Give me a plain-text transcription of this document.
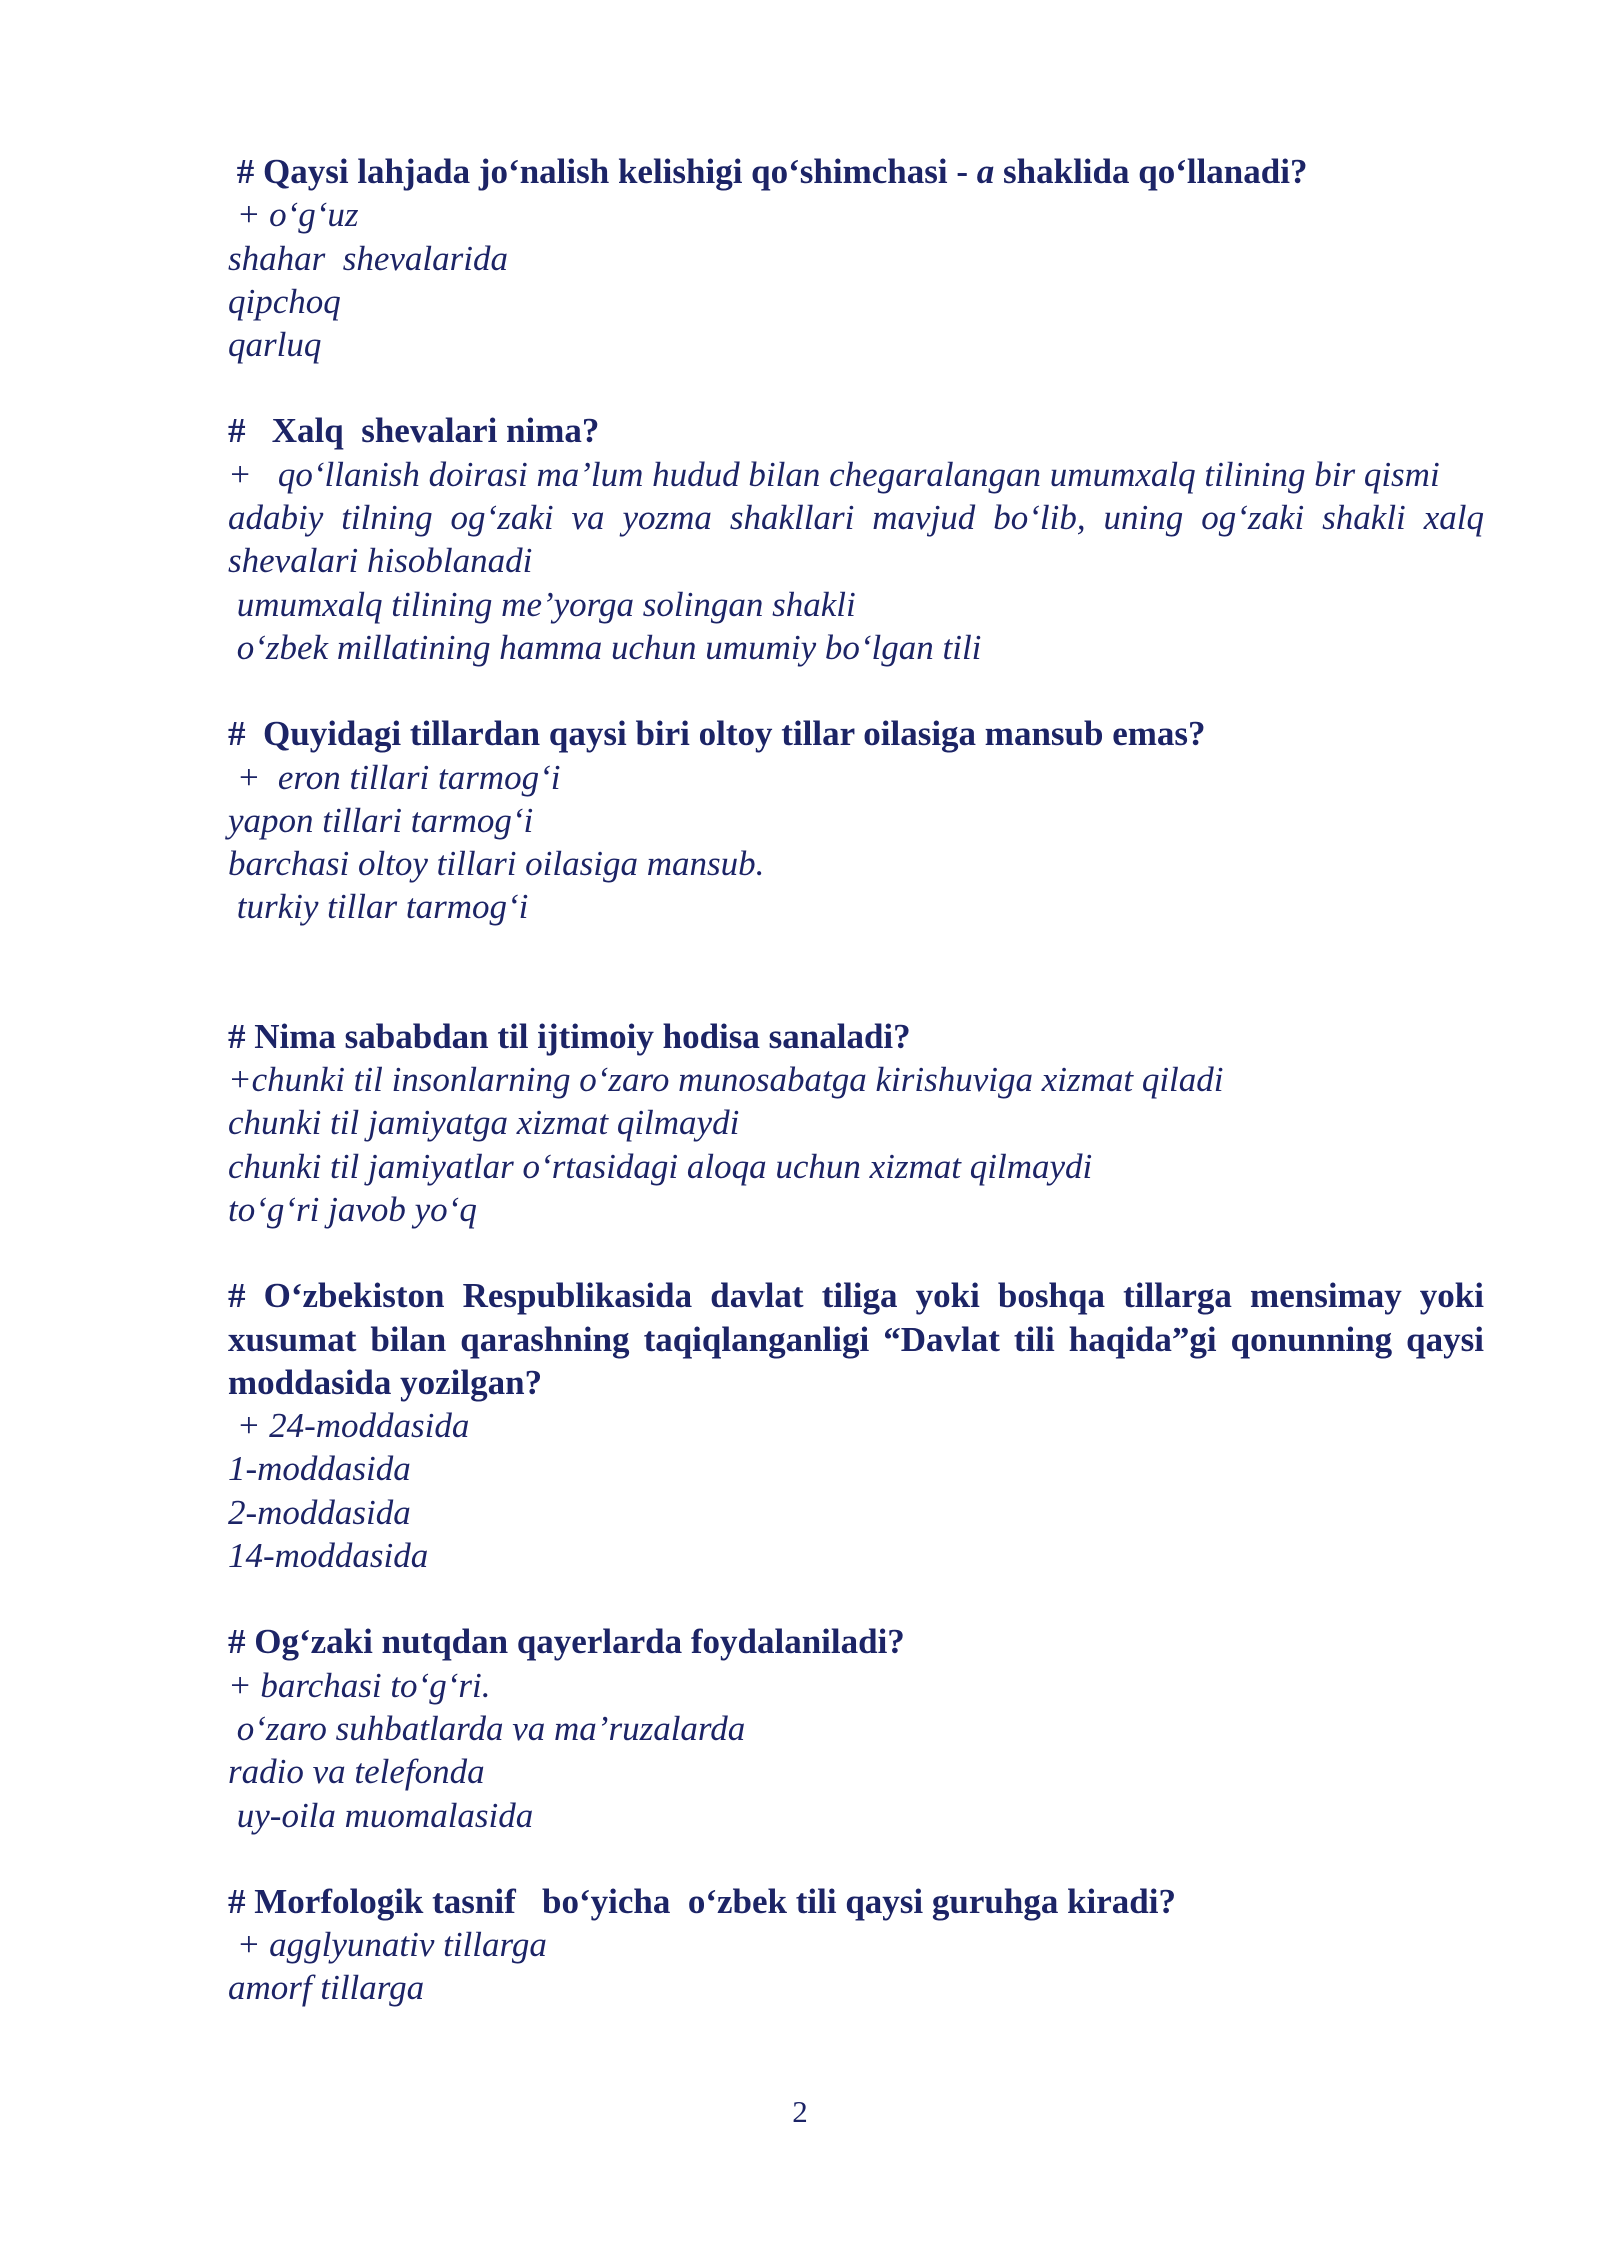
# Qaysi lahjada jo‘nalish kelishigi qo‘shimchasi - a shaklida qo‘llanadi?

+ o‘g‘uz

shahar  shevalarida

qipchoq

qarluq

#   Xalq  shevalari nima?

+   qo‘llanish doirasi ma’lum hudud bilan chegaralangan umumxalq tilining bir qismi

adabiy tilning og‘zaki va yozma shakllari mavjud bo‘lib, uning og‘zaki shakli xalq shevalari hisoblanadi

umumxalq tilining me’yorga solingan shakli

o‘zbek millatining hamma uchun umumiy bo‘lgan tili

#  Quyidagi tillardan qaysi biri oltoy tillar oilasiga mansub emas?

+  eron tillari tarmog‘i

yapon tillari tarmog‘i

barchasi oltoy tillari oilasiga mansub.

turkiy tillar tarmog‘i

# Nima sababdan til ijtimoiy hodisa sanaladi?

+chunki til insonlarning o‘zaro munosabatga kirishuviga xizmat qiladi

chunki til jamiyatga xizmat qilmaydi

chunki til jamiyatlar o‘rtasidagi aloqa uchun xizmat qilmaydi

to‘g‘ri javob yo‘q

# O‘zbekiston Respublikasida davlat tiliga yoki boshqa tillarga mensimay yoki xusumat bilan qarashning taqiqlanganligi “Davlat tili haqida”gi qonunning qaysi moddasida yozilgan?

+ 24-moddasida

1-moddasida

2-moddasida

14-moddasida

# Og‘zaki nutqdan qayerlarda foydalaniladi?

+ barchasi to‘g‘ri.

o‘zaro suhbatlarda va ma’ruzalarda

radio va telefonda

uy-oila muomalasida

# Morfologik tasnif   bo‘yicha  o‘zbek tili qaysi guruhga kiradi?

+ agglyunativ tillarga

amorf tillarga

2
